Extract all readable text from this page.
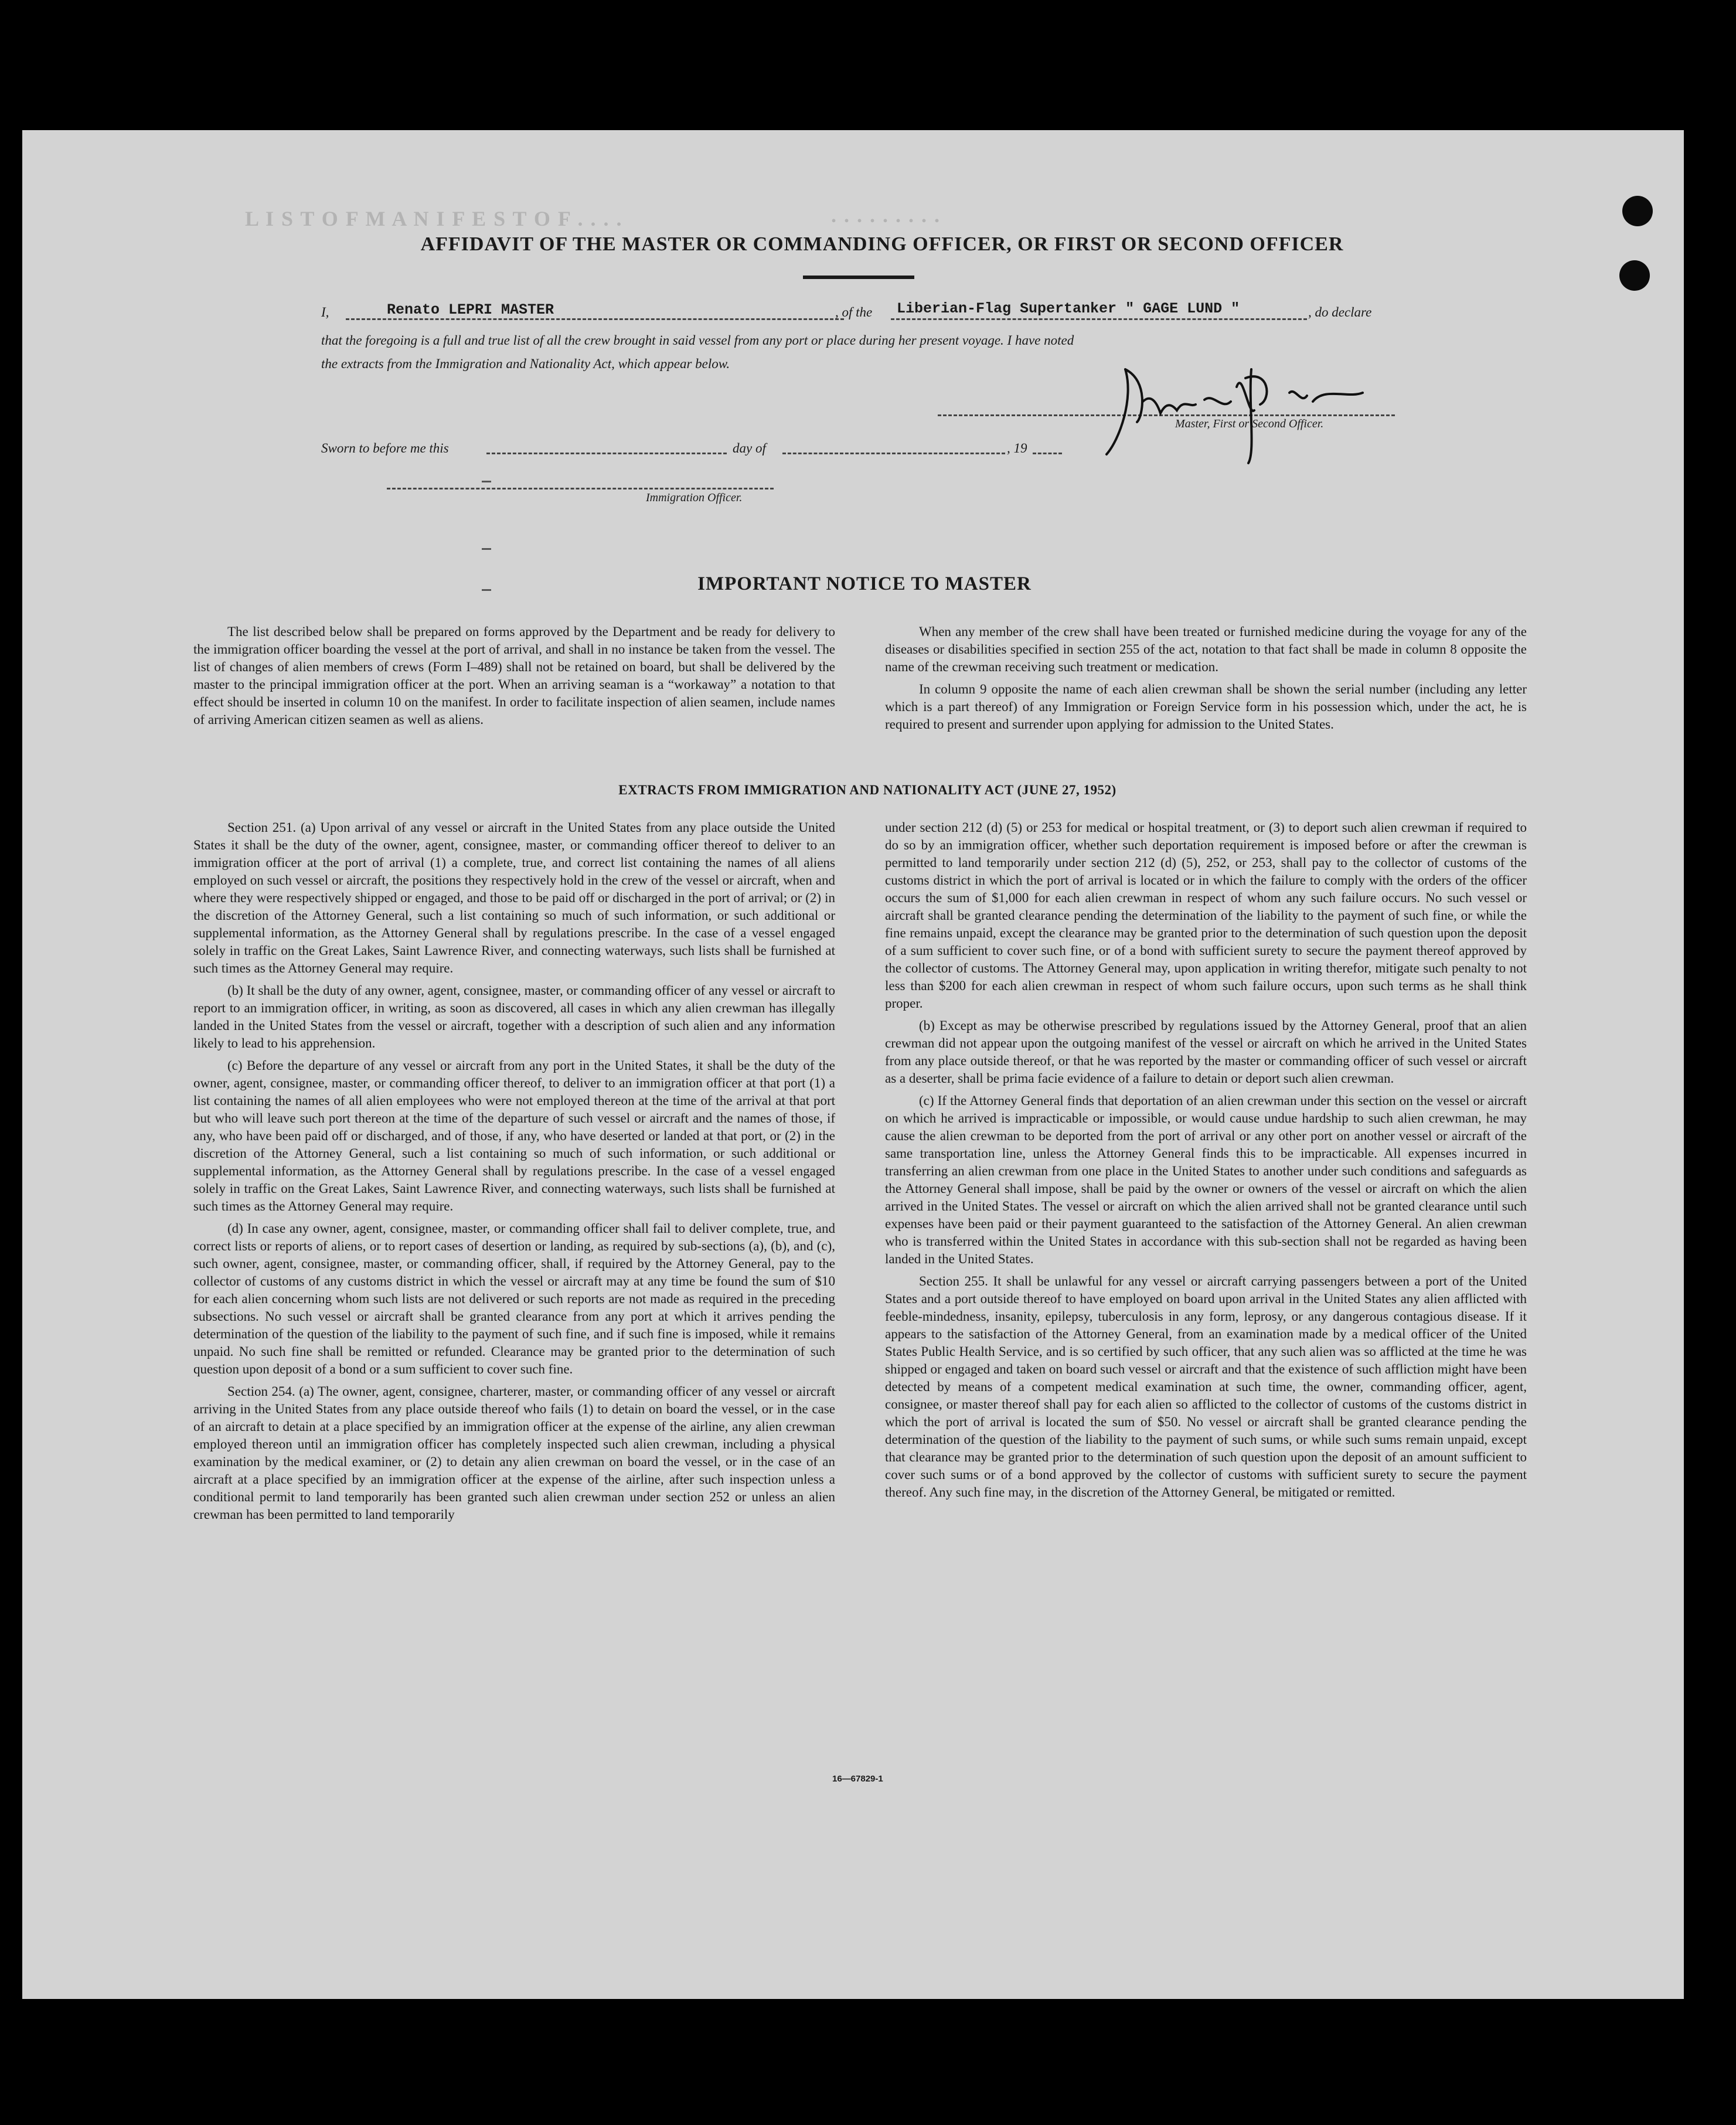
L I S T O F M A N I F E S T O F . . . .	. . . . . . . . .
AFFIDAVIT OF THE MASTER OR COMMANDING OFFICER, OR FIRST OR SECOND OFFICER
I,	Renato LEPRI MASTER	, of the Liberian-Flag Supertanker " GAGE LUND "	, do declare
that the foregoing is a full and true list of all the crew brought in said vessel from any port or place during her present voyage. I have noted
the extracts from the Immigration and Nationality Act, which appear below.
Master, First or Second Officer.
Sworn to before me this	day of	, 19
Immigration Officer.
IMPORTANT NOTICE TO MASTER

The list described below shall be prepared on forms approved by the Department and be ready for delivery to the immigration officer boarding the vessel at the port of arrival, and shall in no instance be taken from the vessel. The list of changes of alien members of crews (Form I–489) shall not be retained on board, but shall be delivered by the master to the principal immigration officer at the port. When an arriving seaman is a “workaway” a notation to that effect should be inserted in column 10 on the manifest. In order to facilitate inspection of alien seamen, include names of arriving American citizen seamen as well as aliens.

When any member of the crew shall have been treated or furnished medicine during the voyage for any of the diseases or disabilities specified in section 255 of the act, notation to that fact shall be made in column 8 opposite the name of the crewman receiving such treatment or medication.

In column 9 opposite the name of each alien crewman shall be shown the serial number (including any letter which is a part thereof) of any Immigration or Foreign Service form in his possession which, under the act, he is required to present and surrender upon applying for admission to the United States.

EXTRACTS FROM IMMIGRATION AND NATIONALITY ACT (JUNE 27, 1952)

Section 251. (a) Upon arrival of any vessel or aircraft in the United States from any place outside the United States it shall be the duty of the owner, agent, consignee, master, or commanding officer thereof to deliver to an immigration officer at the port of arrival (1) a complete, true, and correct list containing the names of all aliens employed on such vessel or aircraft, the positions they respectively hold in the crew of the vessel or aircraft, when and where they were respectively shipped or engaged, and those to be paid off or discharged in the port of arrival; or (2) in the discretion of the Attorney General, such a list containing so much of such information, or such additional or supplemental information, as the Attorney General shall by regulations prescribe. In the case of a vessel engaged solely in traffic on the Great Lakes, Saint Lawrence River, and connecting waterways, such lists shall be furnished at such times as the Attorney General may require.

(b) It shall be the duty of any owner, agent, consignee, master, or commanding officer of any vessel or aircraft to report to an immigration officer, in writing, as soon as discovered, all cases in which any alien crewman has illegally landed in the United States from the vessel or aircraft, together with a description of such alien and any information likely to lead to his apprehension.

(c) Before the departure of any vessel or aircraft from any port in the United States, it shall be the duty of the owner, agent, consignee, master, or commanding officer thereof, to deliver to an immigration officer at that port (1) a list containing the names of all alien employees who were not employed thereon at the time of the arrival at that port but who will leave such port thereon at the time of the departure of such vessel or aircraft and the names of those, if any, who have been paid off or discharged, and of those, if any, who have deserted or landed at that port, or (2) in the discretion of the Attorney General, such a list containing so much of such information, or such additional or supplemental information, as the Attorney General shall by regulations prescribe. In the case of a vessel engaged solely in traffic on the Great Lakes, Saint Lawrence River, and connecting waterways, such lists shall be furnished at such times as the Attorney General may require.

(d) In case any owner, agent, consignee, master, or commanding officer shall fail to deliver complete, true, and correct lists or reports of aliens, or to report cases of desertion or landing, as required by sub-sections (a), (b), and (c), such owner, agent, consignee, master, or commanding officer, shall, if required by the Attorney General, pay to the collector of customs of any customs district in which the vessel or aircraft may at any time be found the sum of $10 for each alien concerning whom such lists are not delivered or such reports are not made as required in the preceding subsections. No such vessel or aircraft shall be granted clearance from any port at which it arrives pending the determination of the question of the liability to the payment of such fine, and if such fine is imposed, while it remains unpaid. No such fine shall be remitted or refunded. Clearance may be granted prior to the determination of such question upon deposit of a bond or a sum sufficient to cover such fine.

Section 254. (a) The owner, agent, consignee, charterer, master, or commanding officer of any vessel or aircraft arriving in the United States from any place outside thereof who fails (1) to detain on board the vessel, or in the case of an aircraft to detain at a place specified by an immigration officer at the expense of the airline, any alien crewman employed thereon until an immigration officer has completely inspected such alien crewman, including a physical examination by the medical examiner, or (2) to detain any alien crewman on board the vessel, or in the case of an aircraft at a place specified by an immigration officer at the expense of the airline, after such inspection unless a conditional permit to land temporarily has been granted such alien crewman under section 252 or unless an alien crewman has been permitted to land temporarily

under section 212 (d) (5) or 253 for medical or hospital treatment, or (3) to deport such alien crewman if required to do so by an immigration officer, whether such deportation requirement is imposed before or after the crewman is permitted to land temporarily under section 212 (d) (5), 252, or 253, shall pay to the collector of customs of the customs district in which the port of arrival is located or in which the failure to comply with the orders of the officer occurs the sum of $1,000 for each alien crewman in respect of whom any such failure occurs. No such vessel or aircraft shall be granted clearance pending the determination of the liability to the payment of such fine, or while the fine remains unpaid, except the clearance may be granted prior to the determination of such question upon the deposit of a sum sufficient to cover such fine, or of a bond with sufficient surety to secure the payment thereof approved by the collector of customs. The Attorney General may, upon application in writing therefor, mitigate such penalty to not less than $200 for each alien crewman in respect of whom such failure occurs, upon such terms as he shall think proper.

(b) Except as may be otherwise prescribed by regulations issued by the Attorney General, proof that an alien crewman did not appear upon the outgoing manifest of the vessel or aircraft on which he arrived in the United States from any place outside thereof, or that he was reported by the master or commanding officer of such vessel or aircraft as a deserter, shall be prima facie evidence of a failure to detain or deport such alien crewman.

(c) If the Attorney General finds that deportation of an alien crewman under this section on the vessel or aircraft on which he arrived is impracticable or impossible, or would cause undue hardship to such alien crewman, he may cause the alien crewman to be deported from the port of arrival or any other port on another vessel or aircraft of the same transportation line, unless the Attorney General finds this to be impracticable. All expenses incurred in transferring an alien crewman from one place in the United States to another under such conditions and safeguards as the Attorney General shall impose, shall be paid by the owner or owners of the vessel or aircraft on which the alien arrived in the United States. The vessel or aircraft on which the alien arrived shall not be granted clearance until such expenses have been paid or their payment guaranteed to the satisfaction of the Attorney General. An alien crewman who is transferred within the United States in accordance with this sub-section shall not be regarded as having been landed in the United States.

Section 255. It shall be unlawful for any vessel or aircraft carrying passengers between a port of the United States and a port outside thereof to have employed on board upon arrival in the United States any alien afflicted with feeble-mindedness, insanity, epilepsy, tuberculosis in any form, leprosy, or any dangerous contagious disease. If it appears to the satisfaction of the Attorney General, from an examination made by a medical officer of the United States Public Health Service, and is so certified by such officer, that any such alien was so afflicted at the time he was shipped or engaged and taken on board such vessel or aircraft and that the existence of such affliction might have been detected by means of a competent medical examination at such time, the owner, commanding officer, agent, consignee, or master thereof shall pay for each alien so afflicted to the collector of customs of the customs district in which the port of arrival is located the sum of $50. No vessel or aircraft shall be granted clearance pending the determination of the question of the liability to the payment of such sums, or while such sums remain unpaid, except that clearance may be granted prior to the determination of such question upon the deposit of an amount sufficient to cover such sums or of a bond approved by the collector of customs with sufficient surety to secure the payment thereof. Any such fine may, in the discretion of the Attorney General, be mitigated or remitted.

16—67829-1
